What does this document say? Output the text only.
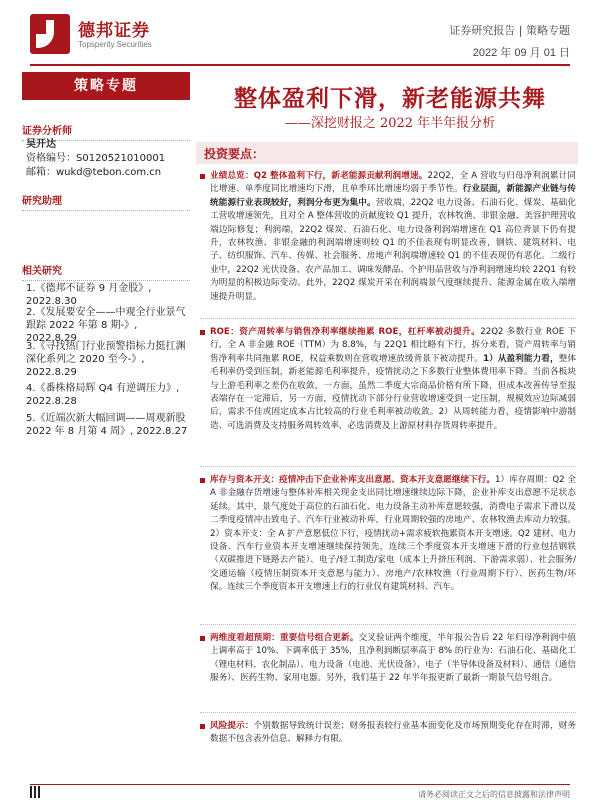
德邦证券
Topsperity Securities
证券研究报告 | 策略专题
2022 年 09 月 01 日
策略专题
证券分析师
吴开达
资格编号：S0120521010001
邮箱：wukd@tebon.com.cn
研究助理
相关研究
1.《德邦不证券 9 月金股》, 2022.8.30
2.《发展要安全——中观全行业景气跟踪 2022 年第 8 期-》, 2022.8.29
3.《寻找热门行业预警指标力挺扛渊深化系列之 2020 至今-》, 2022.8.29
4.《番株格局辉 Q4 有逆调压力》, 2022.8.28
5.《近端次新大幅回调——周观新股 2022 年 8 月第 4 周》, 2022.8.27
整体盈利下滑，新老能源共舞
——深挖财报之 2022 年半年报分析
投资要点：
业绩总览：Q2 整体盈利下行，新老能源贡献利润增速。22Q2，全 A 营收与归母净利润累计同比增速、单季度同比增速均下滑，且单季环比增速均弱于季节性。行业层面，新能源产业链与传统能源行业表现较好，利润分布更为集中。营收端，22Q2 电力设备、石油石化、煤炭、基础化工营收增速领先，且对全 A 整体营收的贡献度较 Q1 提升，农林牧渔、非银金融、美容护理营收端边际修复；利润端，22Q2 煤炭、石油石化、电力设备利润端增速在 Q1 高位背景下仍有提升，农林牧渔、非银金融的利润端增速则较 Q1 的不佳表现有明显改善，钢铁、建筑材料、电子、纺织服饰、汽车、传媒、社会服务、房地产利润端增速较 Q1 的不佳表现仍有恶化。二级行业中，22Q2 光伏设备、农产品加工、调味发酵品、个护用品营收与净利润增速均较 22Q1 有较为明显的积极边际变动。此外，22Q2 煤炭开采在利润端景气度继续提升、能源金属在收入端增速提升明显。
ROE：资产周转率与销售净利率继续拖累 ROE，杠杆率被动提升。22Q2 多数行业 ROE 下行，全 A 非金融 ROE（TTM）为 8.8%，与 22Q1 相比略有下行，拆分来看，资产周转率与销售净利率共同拖累 ROE，权益乘数则在营收增速放缓背景下被动提升。1）从盈利能力看，整体毛利率仍受到压制，新老能源毛利率提升，疫情扰动之下多数行业整体费用率下降。当前各板块与上游毛利率之差仍在收敛，一方面，虽然二季度大宗商品价格有所下降，但成本改善传导至报表端存在一定滞后，另一方面，疫情扰动下部分行业营收增速受到一定压制，规模效应边际减弱后，需求不佳或固定成本占比较高的行业毛利率被动收敛。2）从周转能力看，疫情影响中游制造、可选消费及支持服务周转效率，必选消费及上游原材料存货周转率提升。
库存与资本开支：疫情冲击下企业补库支出意愿、资本开支意愿继续下行。1）库存周期：Q2 全 A 非金融存货增速与整体补库相关现金支出同比增速继续边际下降，企业补库支出意愿不足状态延续。其中，景气度处于高位的石油石化、电力设备主动补库意愿较强，消费电子需求下滑以及二季度疫情冲击致电子、汽车行业被动补库，行业周期较强的房地产、农林牧渔去库动力较强。2）资本开支：全 A 扩产意愿低位下行，疫情扰动+需求疲软拖累资本开支增速。Q2 建材、电力设备、汽车行业资本开支增速继续保持领先，连续三个季度资本开支增速下滑的行业包括钢铁（双碳推进下链路去产能）、电子/轻工制造/家电（成本上升挤压利润、下游需求弱）、社会服务/交通运输（疫情压制资本开支意愿与能力）、房地产/农林牧渔（行业周期下行）、医药生物/环保。连续三个季度资本开支增速上行的行业仅有建筑材料、汽车。
两维度看超预期：重要信号组合更新。交叉验证两个维度，半年报公告后 22 年归母净利润中值上调率高于 10%、下调率低于 35%，且净利润断层率高于 8% 的行业为：石油石化、基础化工（锂电材料、农化制品）、电力设备（电池、光伏设备）、电子（半导体设备及材料）、通信（通信服务）、医药生物、家用电器。另外，我们基于 22 年半年报更新了最新一期景气信号组合。
风险提示：个别数据导致统计误差；财务报表较行业基本面变化及市场预期变化存在时滞，财务数据不包含表外信息、解释力有限。
请务必阅读正文之后的信息披露和法律声明
